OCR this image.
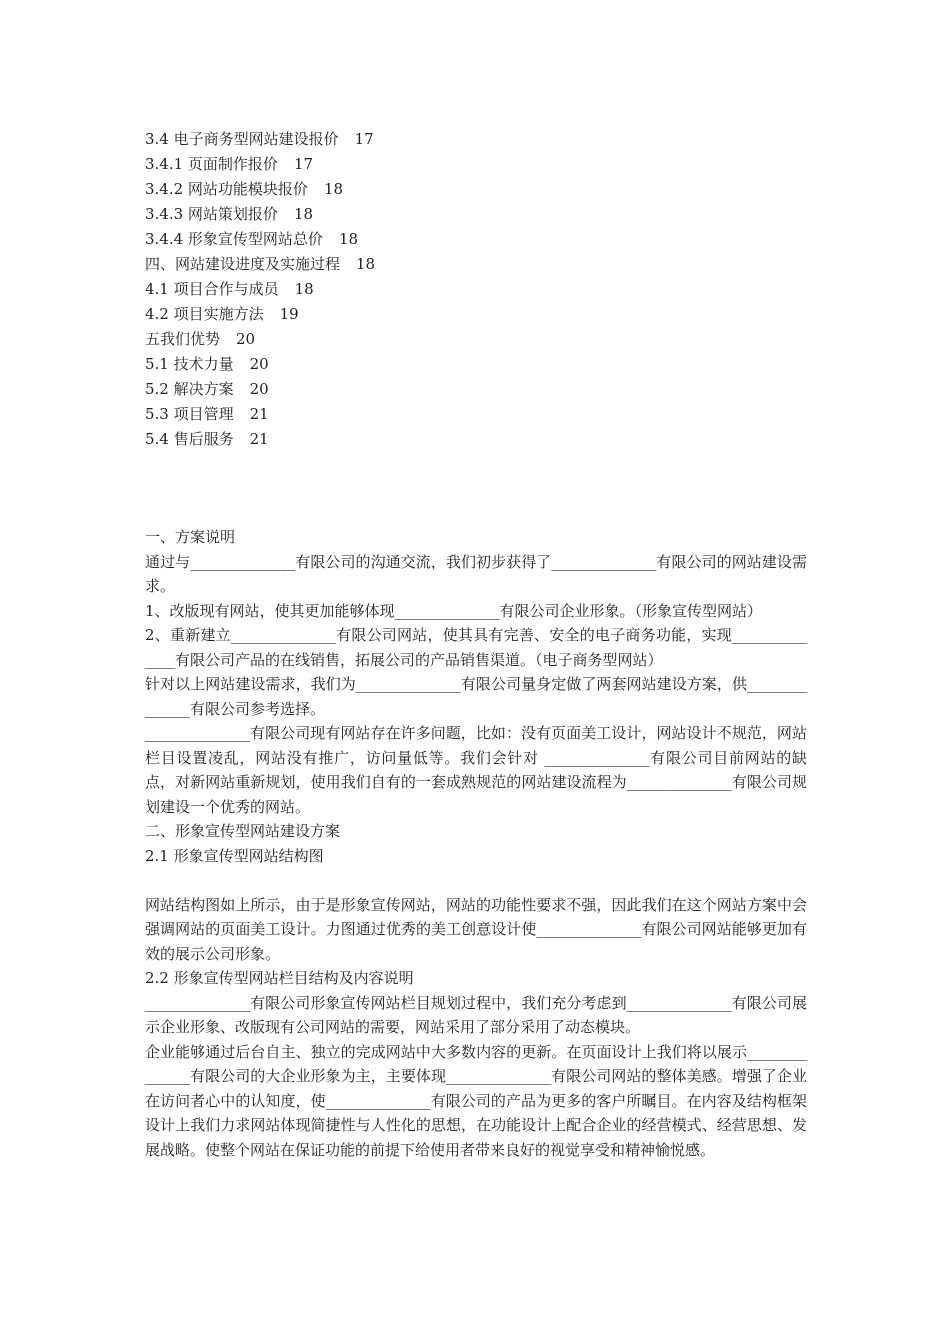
3.4 电子商务型网站建设报价 17
3.4.1 页面制作报价 17
3.4.2 网站功能模块报价 18
3.4.3 网站策划报价 18
3.4.4 形象宣传型网站总价 18
四、网站建设进度及实施过程 18
4.1 项目合作与成员 18
4.2 项目实施方法 19
五我们优势 20
5.1 技术力量 20
5.2 解决方案 20
5.3 项目管理 21
5.4 售后服务 21
一、方案说明
通过与______________有限公司的沟通交流，我们初步获得了______________有限公司的网站建设需求。
1、改版现有网站，使其更加能够体现______________有限公司企业形象。（形象宣传型网站）
2、重新建立______________有限公司网站，使其具有完善、安全的电子商务功能，实现______________有限公司产品的在线销售，拓展公司的产品销售渠道。（电子商务型网站）
针对以上网站建设需求，我们为______________有限公司量身定做了两套网站建设方案，供______________有限公司参考选择。
______________有限公司现有网站存在许多问题，比如：没有页面美工设计，网站设计不规范，网站栏目设置凌乱，网站没有推广，访问量低等。我们会针对 ______________有限公司目前网站的缺点，对新网站重新规划，使用我们自有的一套成熟规范的网站建设流程为______________有限公司规划建设一个优秀的网站。
二、形象宣传型网站建设方案
2.1 形象宣传型网站结构图
网站结构图如上所示，由于是形象宣传网站，网站的功能性要求不强，因此我们在这个网站方案中会强调网站的页面美工设计。力图通过优秀的美工创意设计使______________有限公司网站能够更加有效的展示公司形象。
2.2 形象宣传型网站栏目结构及内容说明
______________有限公司形象宣传网站栏目规划过程中，我们充分考虑到______________有限公司展示企业形象、改版现有公司网站的需要，网站采用了部分采用了动态模块。
企业能够通过后台自主、独立的完成网站中大多数内容的更新。在页面设计上我们将以展示______________有限公司的大企业形象为主，主要体现______________有限公司网站的整体美感。增强了企业在访问者心中的认知度，使______________有限公司的产品为更多的客户所瞩目。在内容及结构框架设计上我们力求网站体现简捷性与人性化的思想，在功能设计上配合企业的经营模式、经营思想、发展战略。使整个网站在保证功能的前提下给使用者带来良好的视觉享受和精神愉悦感。
